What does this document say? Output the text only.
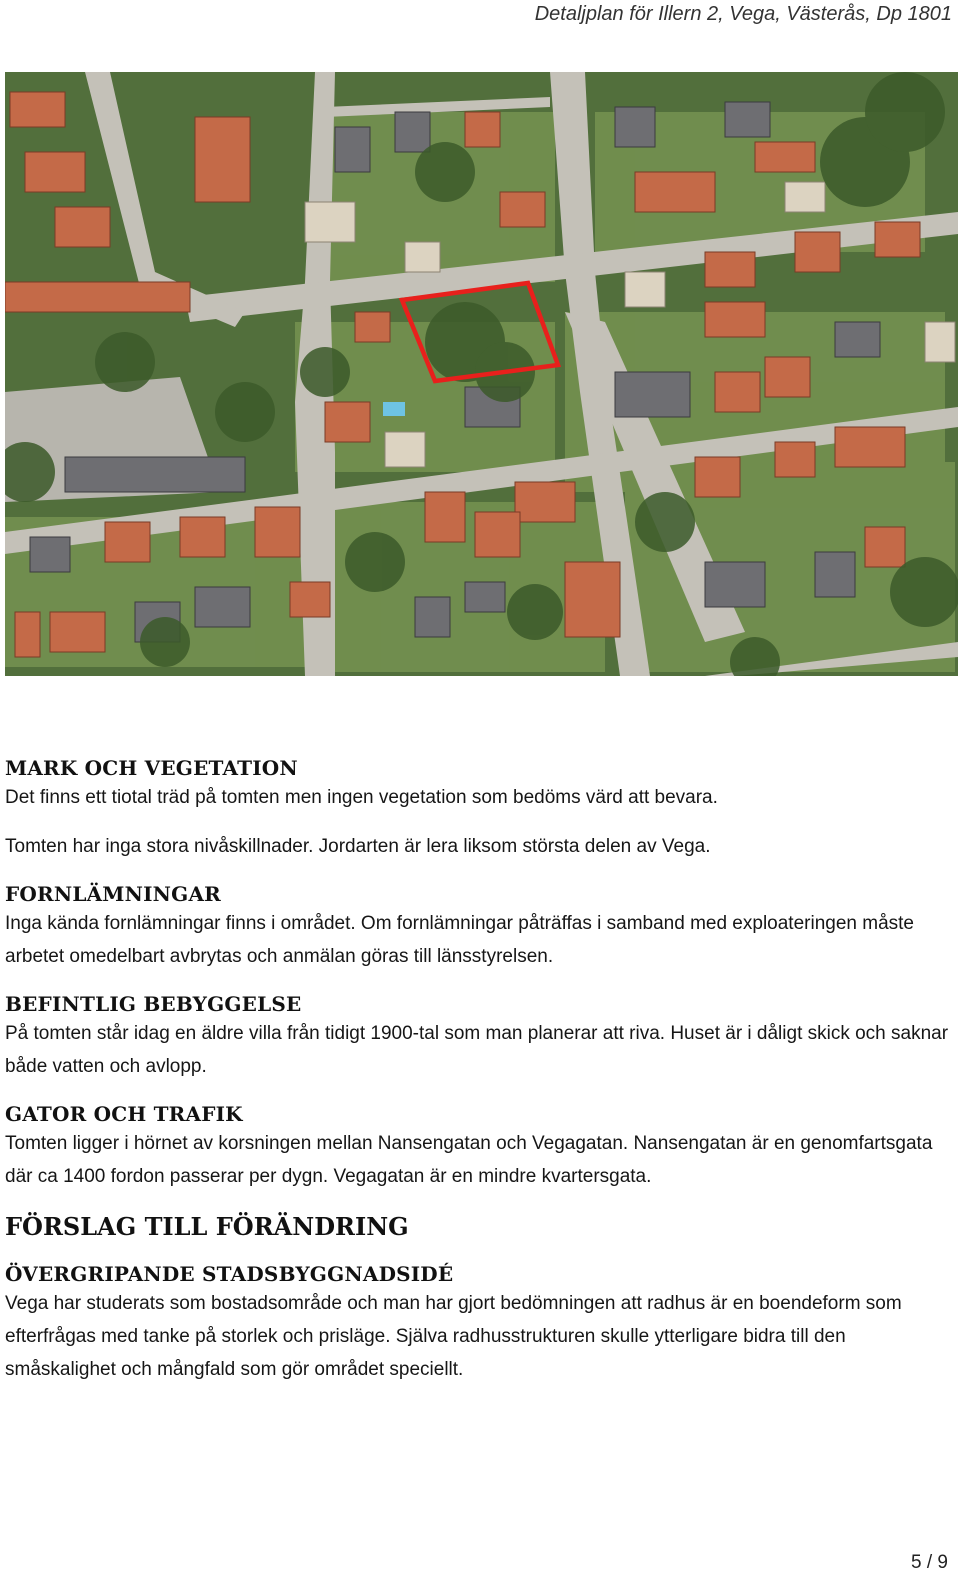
Detaljplan för Illern 2, Vega, Västerås, Dp 1801
MARK OCH VEGETATION

Det finns ett tiotal träd på tomten men ingen vegetation som bedöms värd att bevara.

Tomten har inga stora nivåskillnader. Jordarten är lera liksom största delen av Vega.

FORNLÄMNINGAR

Inga kända fornlämningar finns i området. Om fornlämningar påträffas i samband med exploateringen måste arbetet omedelbart avbrytas och anmälan göras till länsstyrelsen.

BEFINTLIG BEBYGGELSE

På tomten står idag en äldre villa från tidigt 1900-tal som man planerar att riva. Huset är i dåligt skick och saknar både vatten och avlopp.

GATOR OCH TRAFIK

Tomten ligger i hörnet av korsningen mellan Nansengatan och Vegagatan. Nansengatan är en genomfartsgata där ca 1400 fordon passerar per dygn. Vegagatan är en mindre kvartersgata.

FÖRSLAG TILL FÖRÄNDRING
ÖVERGRIPANDE STADSBYGGNADSIDÉ

Vega har studerats som bostadsområde och man har gjort bedömningen att radhus är en boendeform som efterfrågas med tanke på storlek och prisläge. Själva radhusstrukturen skulle ytterligare bidra till den småskalighet och mångfald som gör området speciellt.

5 / 9
